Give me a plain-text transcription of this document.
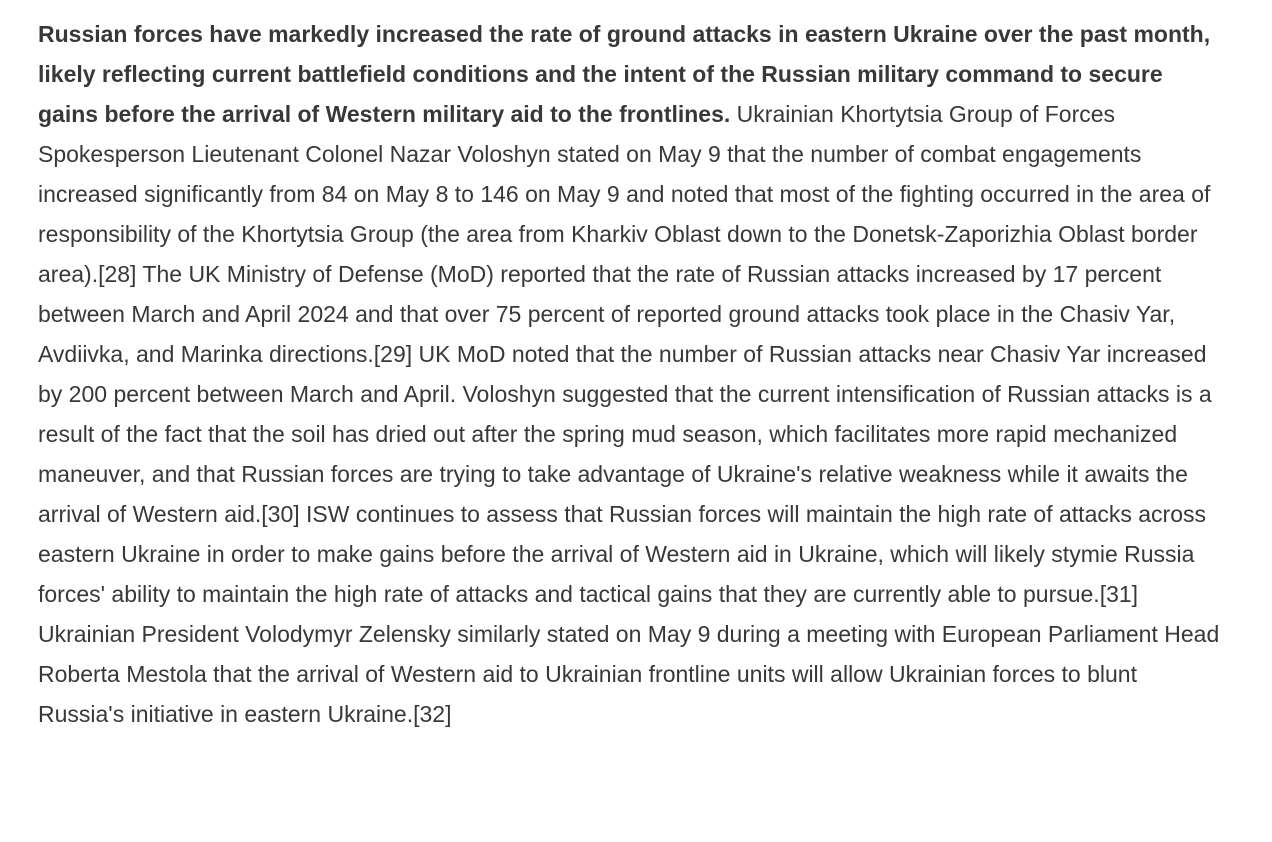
Russian forces have markedly increased the rate of ground attacks in eastern Ukraine over the past month, likely reflecting current battlefield conditions and the intent of the Russian military command to secure gains before the arrival of Western military aid to the frontlines. Ukrainian Khortytsia Group of Forces Spokesperson Lieutenant Colonel Nazar Voloshyn stated on May 9 that the number of combat engagements increased significantly from 84 on May 8 to 146 on May 9 and noted that most of the fighting occurred in the area of responsibility of the Khortytsia Group (the area from Kharkiv Oblast down to the Donetsk-Zaporizhia Oblast border area).[28] The UK Ministry of Defense (MoD) reported that the rate of Russian attacks increased by 17 percent between March and April 2024 and that over 75 percent of reported ground attacks took place in the Chasiv Yar, Avdiivka, and Marinka directions.[29] UK MoD noted that the number of Russian attacks near Chasiv Yar increased by 200 percent between March and April. Voloshyn suggested that the current intensification of Russian attacks is a result of the fact that the soil has dried out after the spring mud season, which facilitates more rapid mechanized maneuver, and that Russian forces are trying to take advantage of Ukraine's relative weakness while it awaits the arrival of Western aid.[30] ISW continues to assess that Russian forces will maintain the high rate of attacks across eastern Ukraine in order to make gains before the arrival of Western aid in Ukraine, which will likely stymie Russia forces' ability to maintain the high rate of attacks and tactical gains that they are currently able to pursue.[31] Ukrainian President Volodymyr Zelensky similarly stated on May 9 during a meeting with European Parliament Head Roberta Mestola that the arrival of Western aid to Ukrainian frontline units will allow Ukrainian forces to blunt Russia's initiative in eastern Ukraine.[32]
